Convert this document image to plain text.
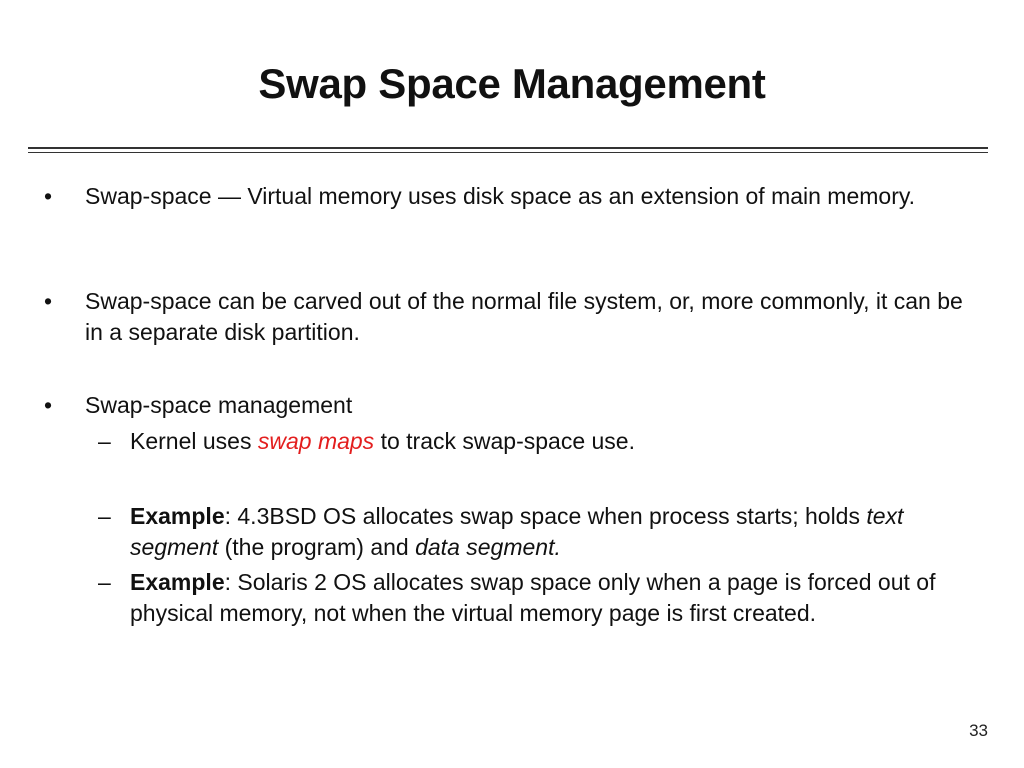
Swap Space Management
•	Swap-space — Virtual memory uses disk space as an extension of main memory.
•	Swap-space can be carved out of the normal file system, or, more commonly, it can be in a separate disk partition.
•	Swap-space management
– Kernel uses swap maps to track swap-space use.
– Example: 4.3BSD OS allocates swap space when process starts; holds text segment (the program) and data segment.
– Example: Solaris 2 OS allocates swap space only when a page is forced out of physical memory, not when the virtual memory page is first created.
33
